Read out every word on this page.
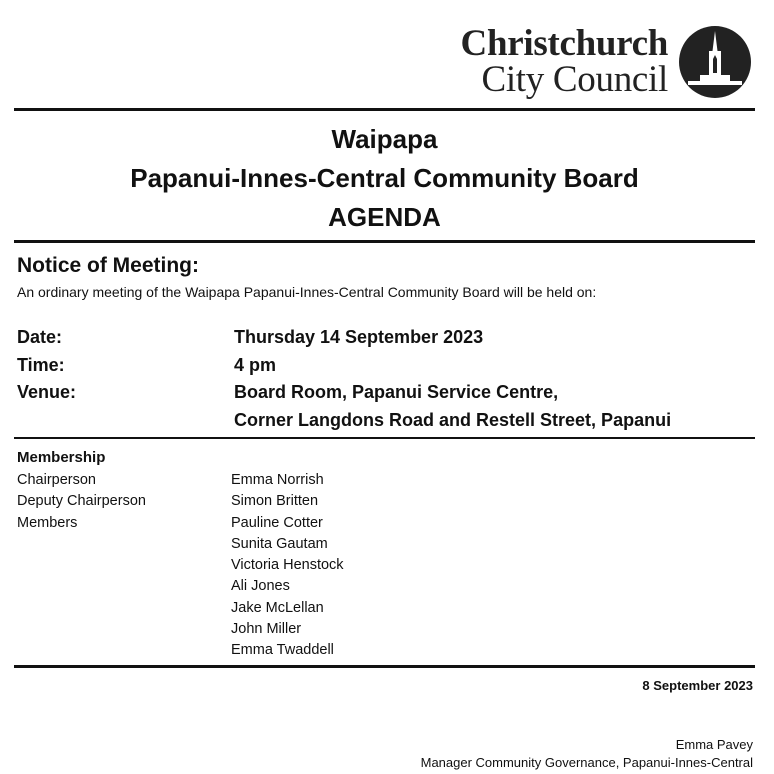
Christchurch
City Council
Waipapa
Papanui-Innes-Central Community Board
AGENDA
Notice of Meeting:
An ordinary meeting of the Waipapa Papanui-Innes-Central Community Board will be held on:
Date:	Thursday 14 September 2023
Time:	4 pm
Venue:	Board Room, Papanui Service Centre,
Corner Langdons Road and Restell Street, Papanui
Membership
Chairperson	Emma Norrish
Deputy Chairperson	Simon Britten
Members	Pauline Cotter
Sunita Gautam
Victoria Henstock
Ali Jones
Jake McLellan
John Miller
Emma Twaddell
8 September 2023
Emma Pavey
Manager Community Governance, Papanui-Innes-Central
